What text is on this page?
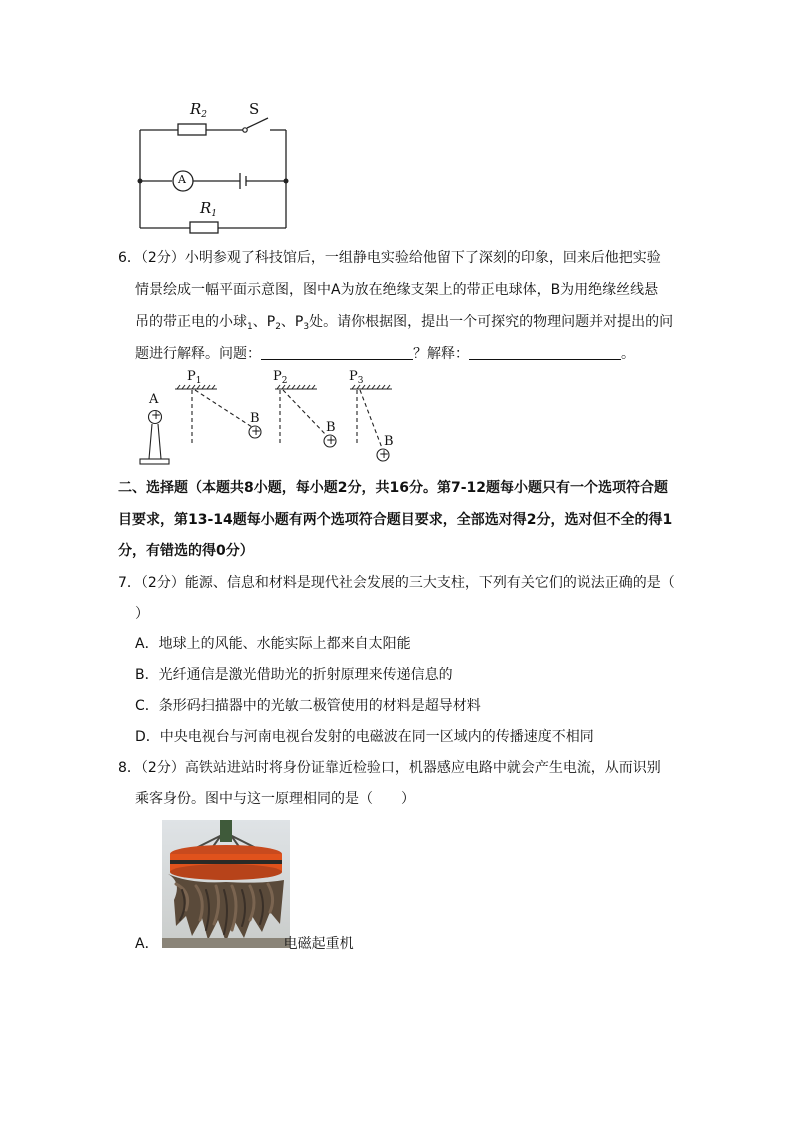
$R_2$	S
A
$R_1$
6．（2分）小明参观了科技馆后，一组静电实验给他留下了深刻的印象，回来后他把实验
情景绘成一幅平面示意图，图中A为放在绝缘支架上的带正电球体，B为用绝缘丝线悬
吊的带正电的小球$_1$、$P_2$、$P_3$处。请你根据图，提出一个可探究的物理问题并对提出的问
题进行解释。问题：	？解释：	。
A
+
$P_1$	$P_2$	$P_3$
B
+	B
+	B
+
二、选择题（本题共8小题，每小题2分，共16分。第7-12题每小题只有一个选项符合题
目要求，第13-14题每小题有两个选项符合题目要求，全部选对得2分，选对但不全的得1
分，有错选的得0分）
7．（2分）能源、信息和材料是现代社会发展的三大支柱，下列有关它们的说法正确的是（
）
A．地球上的风能、水能实际上都来自太阳能
B．光纤通信是激光借助光的折射原理来传递信息的
C．条形码扫描器中的光敏二极管使用的材料是超导材料
D．中央电视台与河南电视台发射的电磁波在同一区域内的传播速度不相同
8．（2分）高铁站进站时将身份证靠近检验口，机器感应电路中就会产生电流，从而识别
乘客身份。图中与这一原理相同的是（　　）
A．	电磁起重机
